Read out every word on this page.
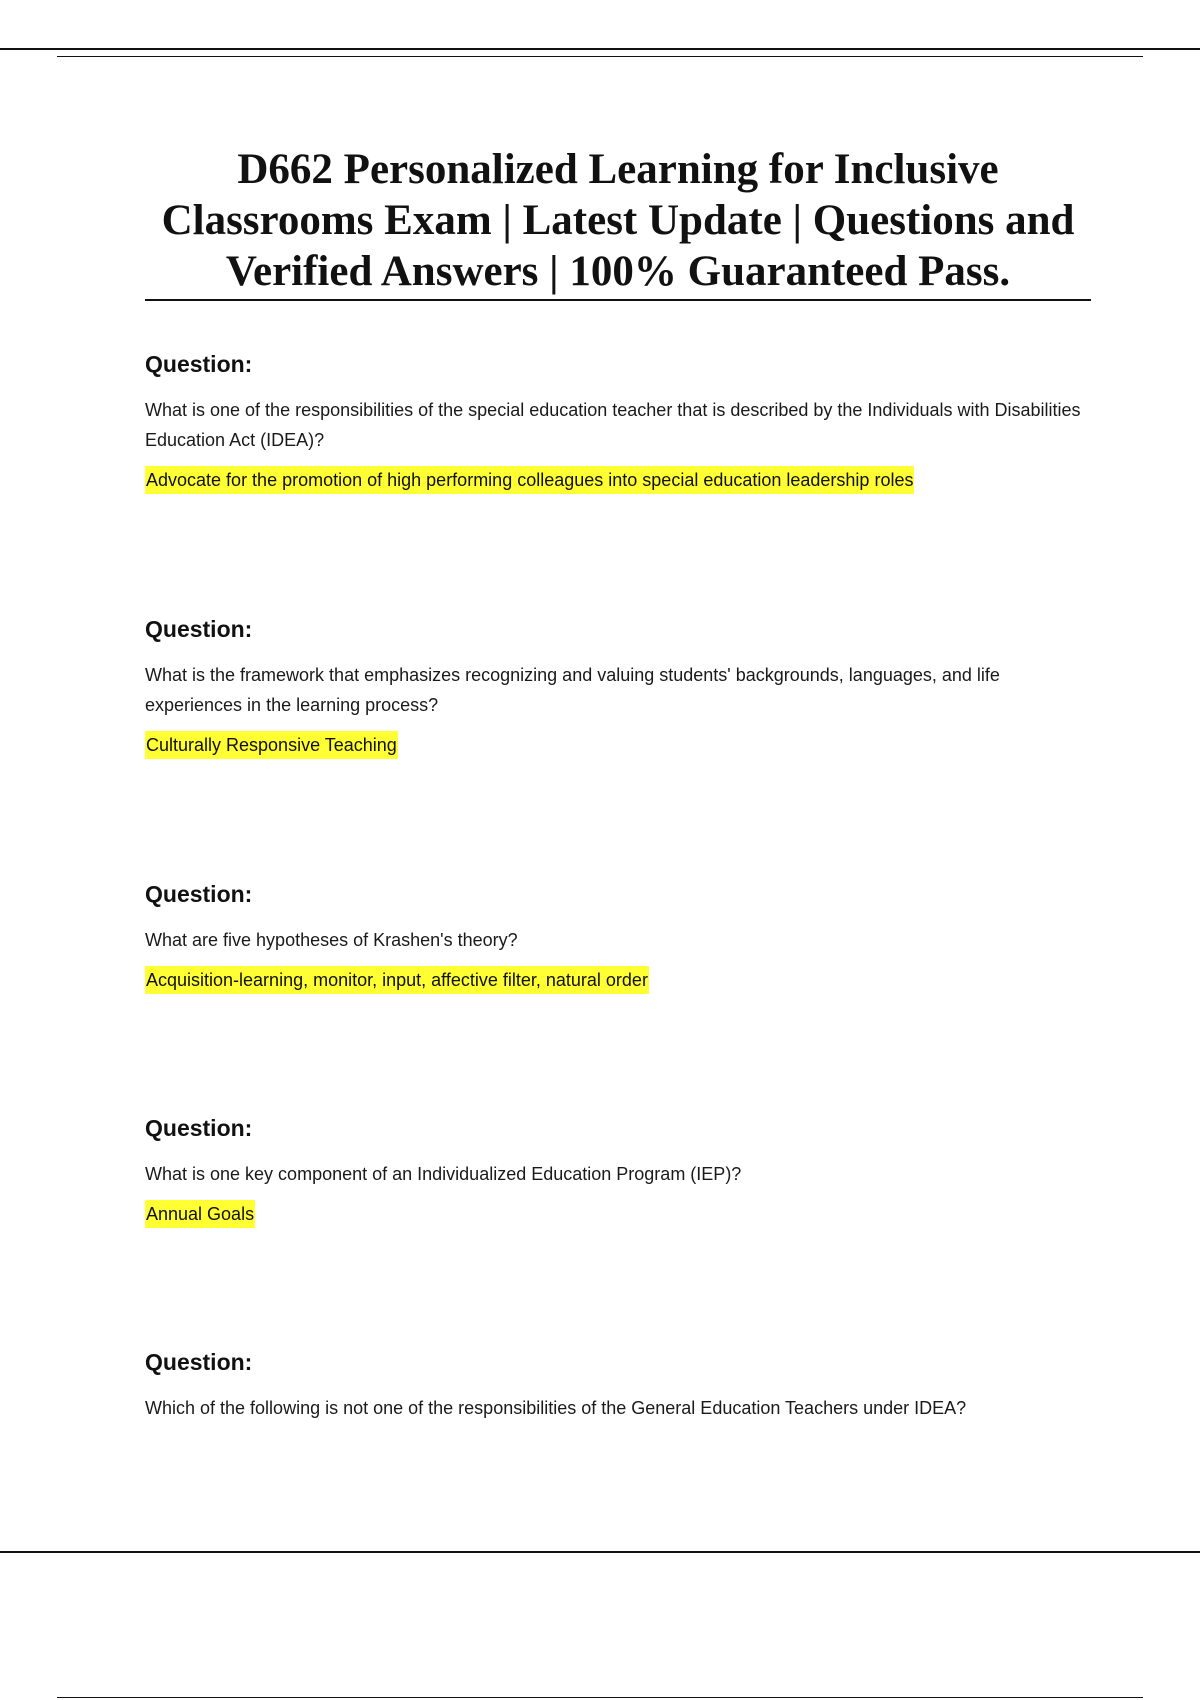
D662 Personalized Learning for Inclusive Classrooms Exam | Latest Update | Questions and Verified Answers | 100% Guaranteed Pass.

Question:

What is one of the responsibilities of the special education teacher that is described by the Individuals with Disabilities Education Act (IDEA)?

Advocate for the promotion of high performing colleagues into special education leadership roles

Question:

What is the framework that emphasizes recognizing and valuing students' backgrounds, languages, and life experiences in the learning process?

Culturally Responsive Teaching

Question:

What are five hypotheses of Krashen's theory?

Acquisition-learning, monitor, input, affective filter, natural order

Question:

What is one key component of an Individualized Education Program (IEP)?

Annual Goals

Question:

Which of the following is not one of the responsibilities of the General Education Teachers under IDEA?
